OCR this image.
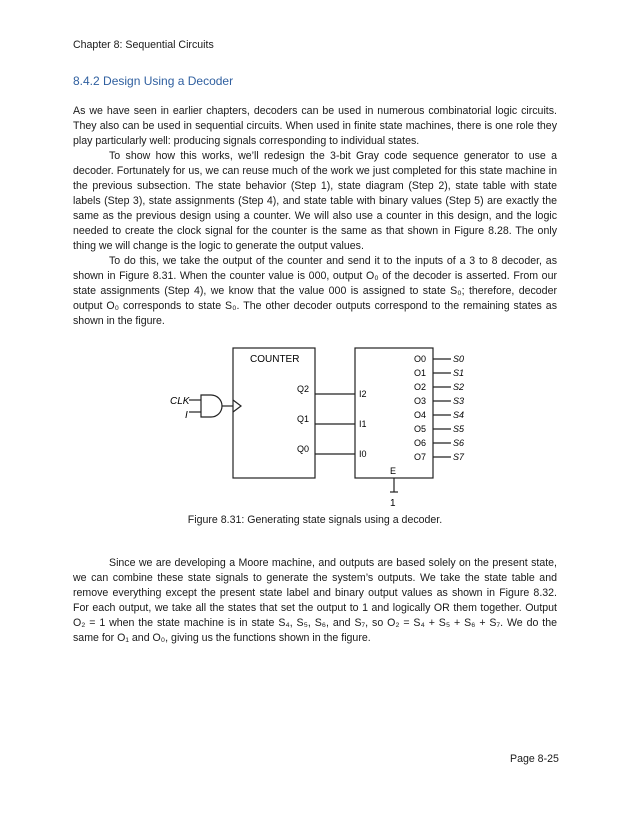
Chapter 8: Sequential Circuits
8.4.2 Design Using a Decoder

As we have seen in earlier chapters, decoders can be used in numerous combinatorial logic circuits. They also can be used in sequential circuits. When used in finite state machines, there is one role they play particularly well: producing signals corresponding to individual states.

To show how this works, we’ll redesign the 3-bit Gray code sequence generator to use a decoder. Fortunately for us, we can reuse much of the work we just completed for this state machine in the previous subsection. The state behavior (Step 1), state diagram (Step 2), state table with state labels (Step 3), state assignments (Step 4), and state table with binary values (Step 5) are exactly the same as the previous design using a counter. We will also use a counter in this design, and the logic needed to create the clock signal for the counter is the same as that shown in Figure 8.28. The only thing we will change is the logic to generate the output values.

To do this, we take the output of the counter and send it to the inputs of a 3 to 8 decoder, as shown in Figure 8.31. When the counter value is 000, output O₀ of the decoder is asserted. From our state assignments (Step 4), we know that the value 000 is assigned to state S₀; therefore, decoder output O₀ corresponds to state S₀. The other decoder outputs correspond to the remaining states as shown in the figure.

COUNTER
Q2
Q1
Q0
I2
I1
I0
O0
O1
O2
O3
O4
O5
O6
O7
S0
S1
S2
S3
S4
S5
S6
S7
E
1
CLK
I
Figure 8.31: Generating state signals using a decoder.

Since we are developing a Moore machine, and outputs are based solely on the present state, we can combine these state signals to generate the system’s outputs. We take the state table and remove everything except the present state label and binary output values as shown in Figure 8.32. For each output, we take all the states that set the output to 1 and logically OR them together. Output O₂ = 1 when the state machine is in state S₄, S₅, S₆, and S₇, so O₂ = S₄ + S₅ + S₆ + S₇. We do the same for O₁ and O₀, giving us the functions shown in the figure.

Page 8-25
